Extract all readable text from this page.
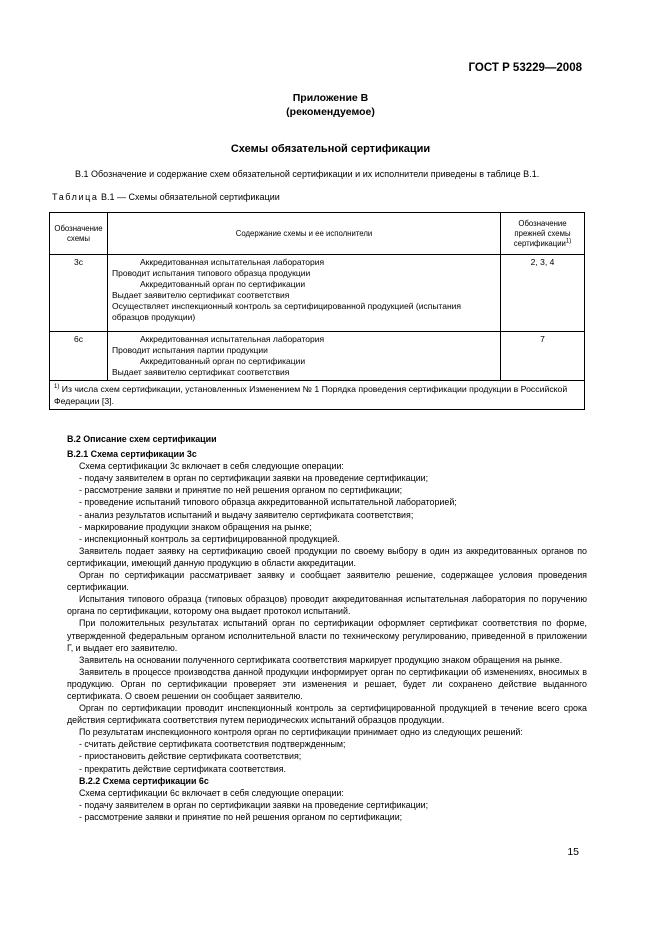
ГОСТ Р 53229—2008
Приложение В
(рекомендуемое)
Схемы обязательной сертификации
В.1 Обозначение и содержание схем обязательной сертификации и их исполнители приведены в таблице В.1.
Таблица В.1 — Схемы обязательной сертификации
Обозначение схемы	Содержание схемы и ее исполнители	Обозначение прежней схемы сертификации$^{1)}$
3с	Аккредитованная испытательная лаборатория
Проводит испытания типового образца продукции
Аккредитованный орган по сертификации
Выдает заявителю сертификат соответствия
Осуществляет инспекционный контроль за сертифицированной продукцией (испытания образцов продукции)	2, 3, 4
6с	Аккредитованная испытательная лаборатория
Проводит испытания партии продукции
Аккредитованный орган по сертификации
Выдает заявителю сертификат соответствия	7
$^{1)}$ Из числа схем сертификации, установленных Изменением № 1 Порядка проведения сертификации продукции в Российской Федерации [3].		

В.2 Описание схем сертификации

В.2.1 Схема сертификации 3с

Схема сертификации 3с включает в себя следующие операции:

- подачу заявителем в орган по сертификации заявки на проведение сертификации;

- рассмотрение заявки и принятие по ней решения органом по сертификации;

- проведение испытаний типового образца аккредитованной испытательной лабораторией;

- анализ результатов испытаний и выдачу заявителю сертификата соответствия;

- маркирование продукции знаком обращения на рынке;

- инспекционный контроль за сертифицированной продукцией.

Заявитель подает заявку на сертификацию своей продукции по своему выбору в один из аккредитованных органов по сертификации, имеющий данную продукцию в области аккредитации.

Орган по сертификации рассматривает заявку и сообщает заявителю решение, содержащее условия проведения сертификации.

Испытания типового образца (типовых образцов) проводит аккредитованная испытательная лаборатория по поручению органа по сертификации, которому она выдает протокол испытаний.

При положительных результатах испытаний орган по сертификации оформляет сертификат соответствия по форме, утвержденной федеральным органом исполнительной власти по техническому регулированию, приведенной в приложении Г, и выдает его заявителю.

Заявитель на основании полученного сертификата соответствия маркирует продукцию знаком обращения на рынке.

Заявитель в процессе производства данной продукции информирует орган по сертификации об изменениях, вносимых в продукцию. Орган по сертификации проверяет эти изменения и решает, будет ли сохранено действие выданного сертификата. О своем решении он сообщает заявителю.

Орган по сертификации проводит инспекционный контроль за сертифицированной продукцией в течение всего срока действия сертификата соответствия путем периодических испытаний образцов продукции.

По результатам инспекционного контроля орган по сертификации принимает одно из следующих решений:

- считать действие сертификата соответствия подтвержденным;

- приостановить действие сертификата соответствия;

- прекратить действие сертификата соответствия.

В.2.2 Схема сертификации 6с

Схема сертификации 6с включает в себя следующие операции:

- подачу заявителем в орган по сертификации заявки на проведение сертификации;

- рассмотрение заявки и принятие по ней решения органом по сертификации;

15
